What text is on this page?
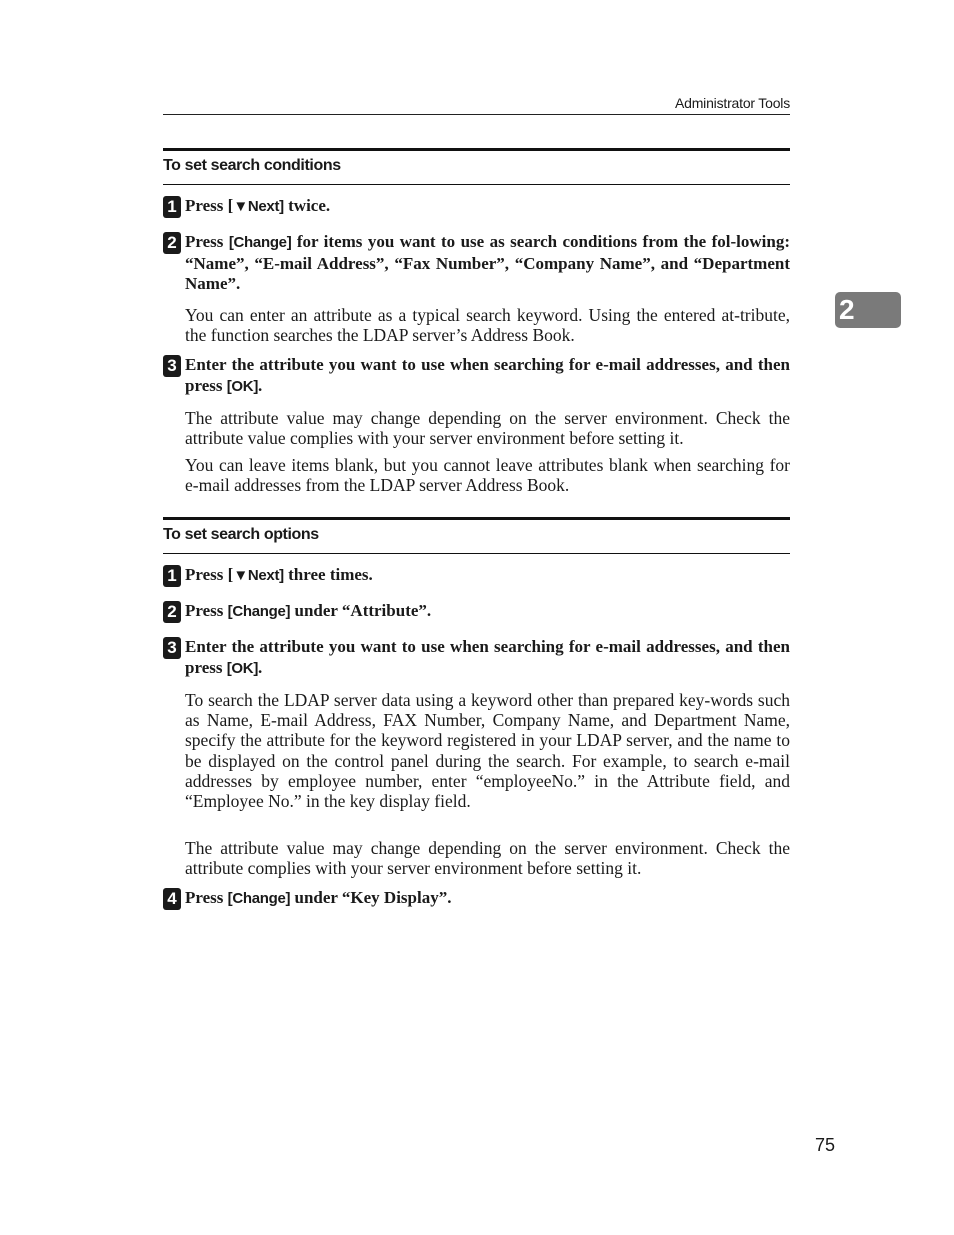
Administrator Tools
To set search conditions
1 Press [▼Next] twice.
2 Press [Change] for items you want to use as search conditions from the fol-lowing: “Name”, “E-mail Address”, “Fax Number”, “Company Name”, and “Department Name”.
You can enter an attribute as a typical search keyword. Using the entered at-tribute, the function searches the LDAP server’s Address Book.
3 Enter the attribute you want to use when searching for e-mail addresses, and then press [OK].
The attribute value may change depending on the server environment. Check the attribute value complies with your server environment before setting it.
You can leave items blank, but you cannot leave attributes blank when searching for e-mail addresses from the LDAP server Address Book.
To set search options
1 Press [▼Next] three times.
2 Press [Change] under “Attribute”.
3 Enter the attribute you want to use when searching for e-mail addresses, and then press [OK].
To search the LDAP server data using a keyword other than prepared key-words such as Name, E-mail Address, FAX Number, Company Name, and Department Name, specify the attribute for the keyword registered in your LDAP server, and the name to be displayed on the control panel during the search. For example, to search e-mail addresses by employee number, enter “employeeNo.” in the Attribute field, and “Employee No.” in the key display field.
The attribute value may change depending on the server environment. Check the attribute complies with your server environment before setting it.
4 Press [Change] under “Key Display”.
2
75
